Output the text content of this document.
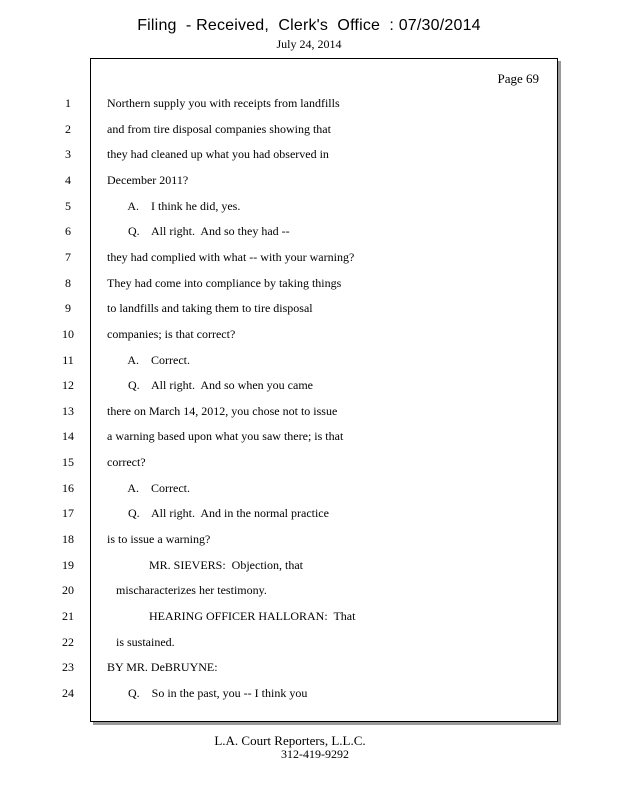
Filing  - Received,  Clerk's  Office  : 07/30/2014
July 24, 2014
Page 69
1	Northern supply you with receipts from landfills
2	and from tire disposal companies showing that
3	they had cleaned up what you had observed in
4	December 2011?
5	A.    I think he did, yes.
6	Q.    All right.  And so they had --
7	they had complied with what -- with your warning?
8	They had come into compliance by taking things
9	to landfills and taking them to tire disposal
10	companies; is that correct?
11	A.    Correct.
12	Q.    All right.  And so when you came
13	there on March 14, 2012, you chose not to issue
14	a warning based upon what you saw there; is that
15	correct?
16	A.    Correct.
17	Q.    All right.  And in the normal practice
18	is to issue a warning?
19	MR. SIEVERS:  Objection, that
20	mischaracterizes her testimony.
21	HEARING OFFICER HALLORAN:  That
22	is sustained.
23	BY MR. DeBRUYNE:
24	Q.    So in the past, you -- I think you
L.A. Court Reporters, L.L.C.
312-419-9292
